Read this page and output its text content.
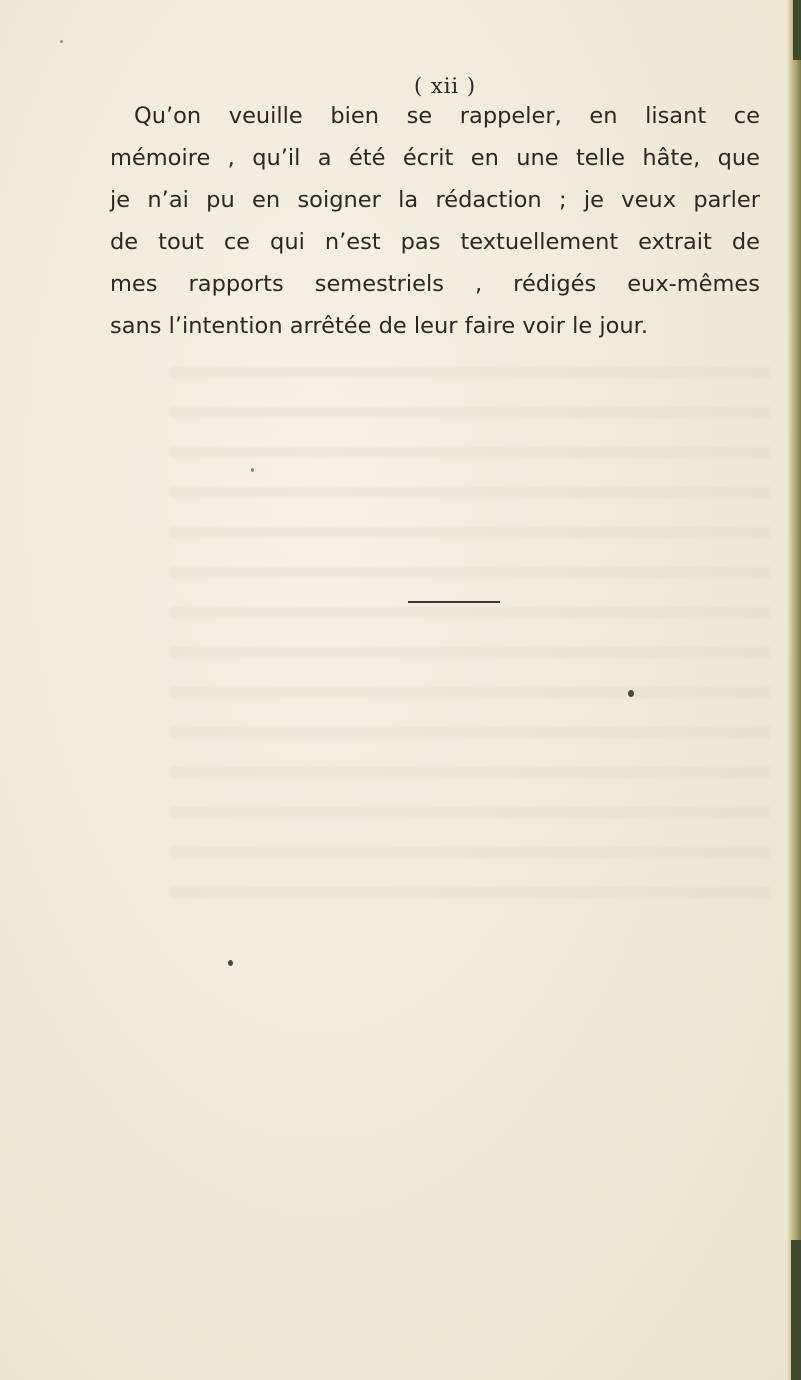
( xii )
Qu’on veuille bien se rappeler, en lisant ce
mémoire , qu’il a été écrit en une telle hâte, que
je n’ai pu en soigner la rédaction ; je veux parler
de tout ce qui n’est pas textuellement extrait de
mes rapports semestriels , rédigés eux-mêmes
sans l’intention arrêtée de leur faire voir le jour.
